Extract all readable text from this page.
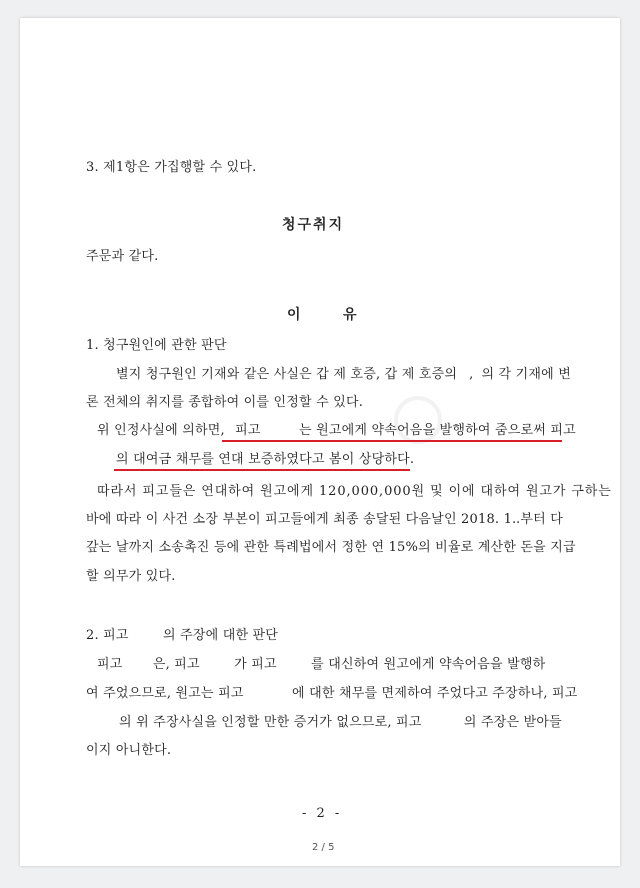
3. 제1항은 가집행할 수 있다.
청구취지
주문과 같다.
이	유
1. 청구원인에 관한 판단
별지 청구원인 기재와 같은 사실은 갑 제 호증, 갑 제 호증의 , 의 각 기재에 변
론 전체의 취지를 종합하여 이를 인정할 수 있다.
위 인정사실에 의하면, 피고	는 원고에게 약속어음을 발행하여 줌으로써 피고
의 대여금 채무를 연대 보증하였다고 봄이 상당하다.
따라서 피고들은 연대하여 원고에게 120,000,000원 및 이에 대하여 원고가 구하는
바에 따라 이 사건 소장 부본이 피고들에게 최종 송달된 다음날인 2018. 1. .부터 다
갚는 날까지 소송촉진 등에 관한 특례법에서 정한 연 15%의 비율로 계산한 돈을 지급
할 의무가 있다.
2. 피고	의 주장에 대한 판단
피고 은, 피고	가 피고	를 대신하여 원고에게 약속어음을 발행하
여 주었으므로, 원고는 피고	에 대한 채무를 면제하여 주었다고 주장하나, 피고
의 위 주장사실을 인정할 만한 증거가 없으므로, 피고	의 주장은 받아들
이지 아니한다.
- 2 -
2 / 5
